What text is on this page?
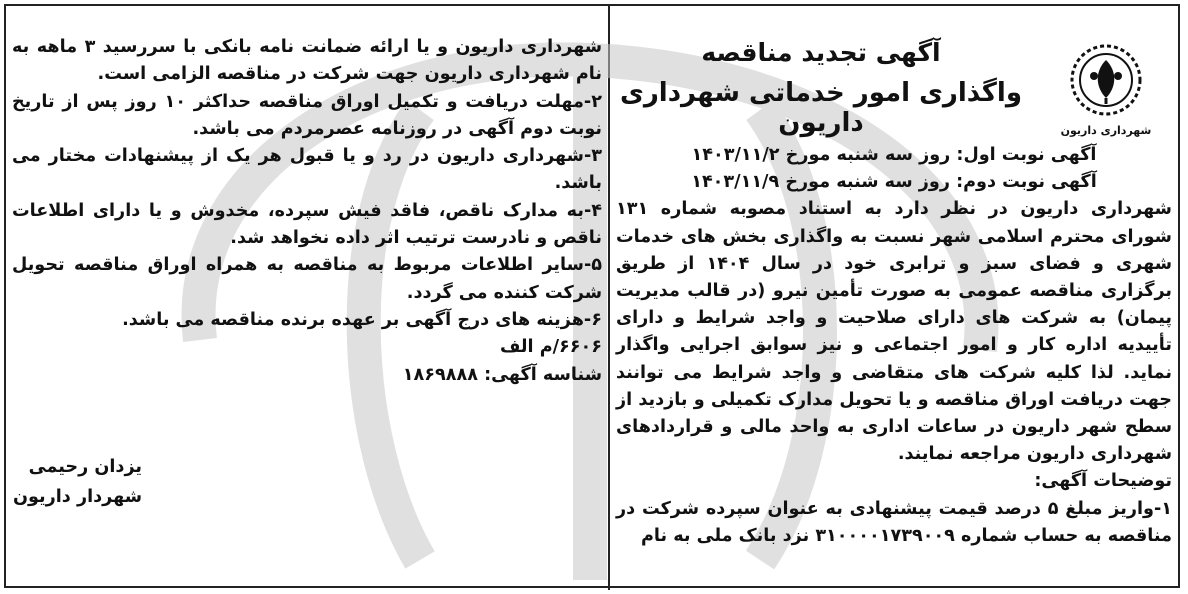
شهرداری داریون
آگهی تجدید مناقصه
واگذاری امور خدماتی شهرداری داریون

آگهی نوبت اول: روز سه شنبه مورخ ۱۴۰۳/۱۱/۲

آگهی نوبت دوم: روز سه شنبه مورخ ۱۴۰۳/۱۱/۹

شهرداری داریون در نظر دارد به استناد مصوبه شماره ۱۳۱ شورای محترم اسلامی شهر نسبت به واگذاری بخش های خدمات شهری و فضای سبز و ترابری خود در سال ۱۴۰۴ از طریق برگزاری مناقصه عمومی به صورت تأمین نیرو (در قالب مدیریت پیمان) به شرکت های دارای صلاحیت و واجد شرایط و دارای تأییدیه اداره کار و امور اجتماعی و نیز سوابق اجرایی واگذار نماید. لذا کلیه شرکت های متقاضی و واجد شرایط می توانند جهت دریافت اوراق مناقصه و یا تحویل مدارک تکمیلی و بازدید از سطح شهر داریون در ساعات اداری به واحد مالی و قراردادهای شهرداری داریون مراجعه نمایند.

توضیحات آگهی:

۱-واریز مبلغ ۵ درصد قیمت پیشنهادی به عنوان سپرده شرکت در مناقصه به حساب شماره ۳۱۰۰۰۰۱۷۳۹۰۰۹ نزد بانک ملی به نام

شهرداری داریون و یا ارائه ضمانت نامه بانکی با سررسید ۳ ماهه به نام شهرداری داریون جهت شرکت در مناقصه الزامی است.

۲-مهلت دریافت و تکمیل اوراق مناقصه حداکثر ۱۰ روز پس از تاریخ نوبت دوم آگهی در روزنامه عصرمردم می باشد.

۳-شهرداری داریون در رد و یا قبول هر یک از پیشنهادات مختار می باشد.

۴-به مدارک ناقص، فاقد فیش سپرده، مخدوش و یا دارای اطلاعات ناقص و نادرست ترتیب اثر داده نخواهد شد.

۵-سایر اطلاعات مربوط به مناقصه به همراه اوراق مناقصه تحویل شرکت کننده می گردد.

۶-هزینه های درج آگهی بر عهده برنده مناقصه می باشد.

۶۶۰۶/م الف

شناسه آگهی: ۱۸۶۹۸۸۸

یزدان رحیمی
شهردار داریون
